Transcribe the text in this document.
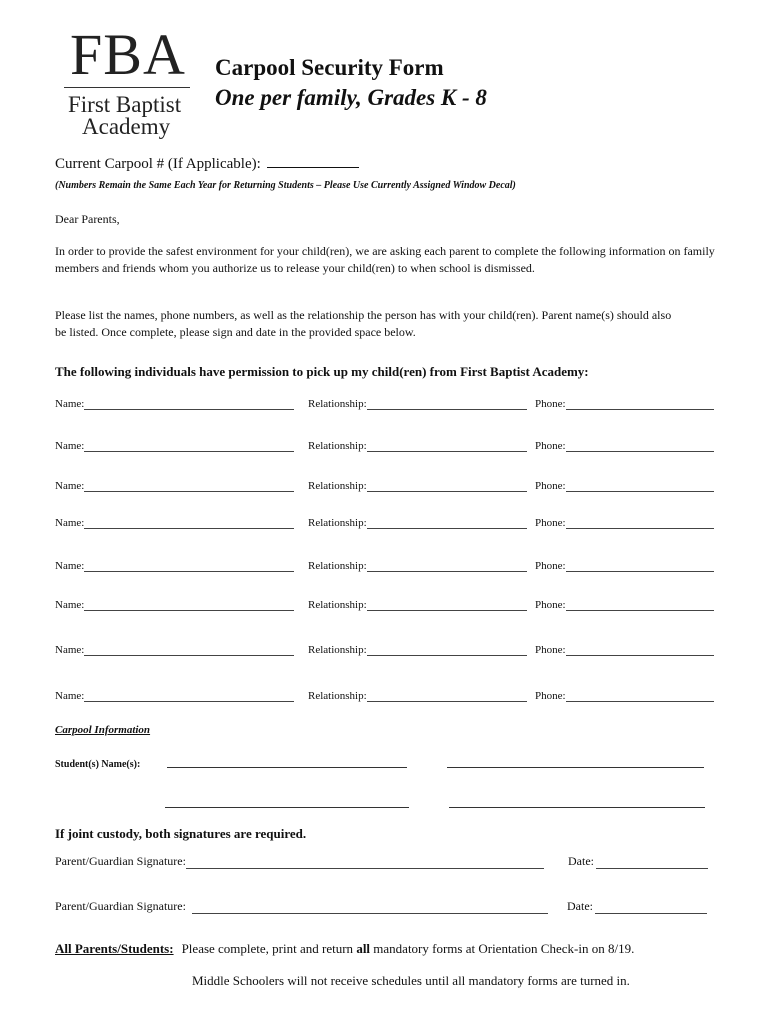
FBA
First Baptist
Academy
Carpool Security Form
One per family, Grades K - 8
Current Carpool # (If Applicable):
(Numbers Remain the Same Each Year for Returning Students – Please Use Currently Assigned Window Decal)
Dear Parents,
In order to provide the safest environment for your child(ren), we are asking each parent to complete the following information on family members and friends whom you authorize us to release your child(ren) to when school is dismissed.
Please list the names, phone numbers, as well as the relationship the person has with your child(ren). Parent name(s) should also be listed. Once complete, please sign and date in the provided space below.
The following individuals have permission to pick up my child(ren) from First Baptist Academy:
Name:	Relationship:	Phone:
Name:	Relationship:	Phone:
Name:	Relationship:	Phone:
Name:	Relationship:	Phone:
Name:	Relationship:	Phone:
Name:	Relationship:	Phone:
Name:	Relationship:	Phone:
Name:	Relationship:	Phone:
Carpool Information
Student(s) Name(s):
If joint custody, both signatures are required.
Parent/Guardian Signature:	Date:
Parent/Guardian Signature:	Date:
All Parents/Students: Please complete, print and return all mandatory forms at Orientation Check-in on 8/19.
Middle Schoolers will not receive schedules until all mandatory forms are turned in.
